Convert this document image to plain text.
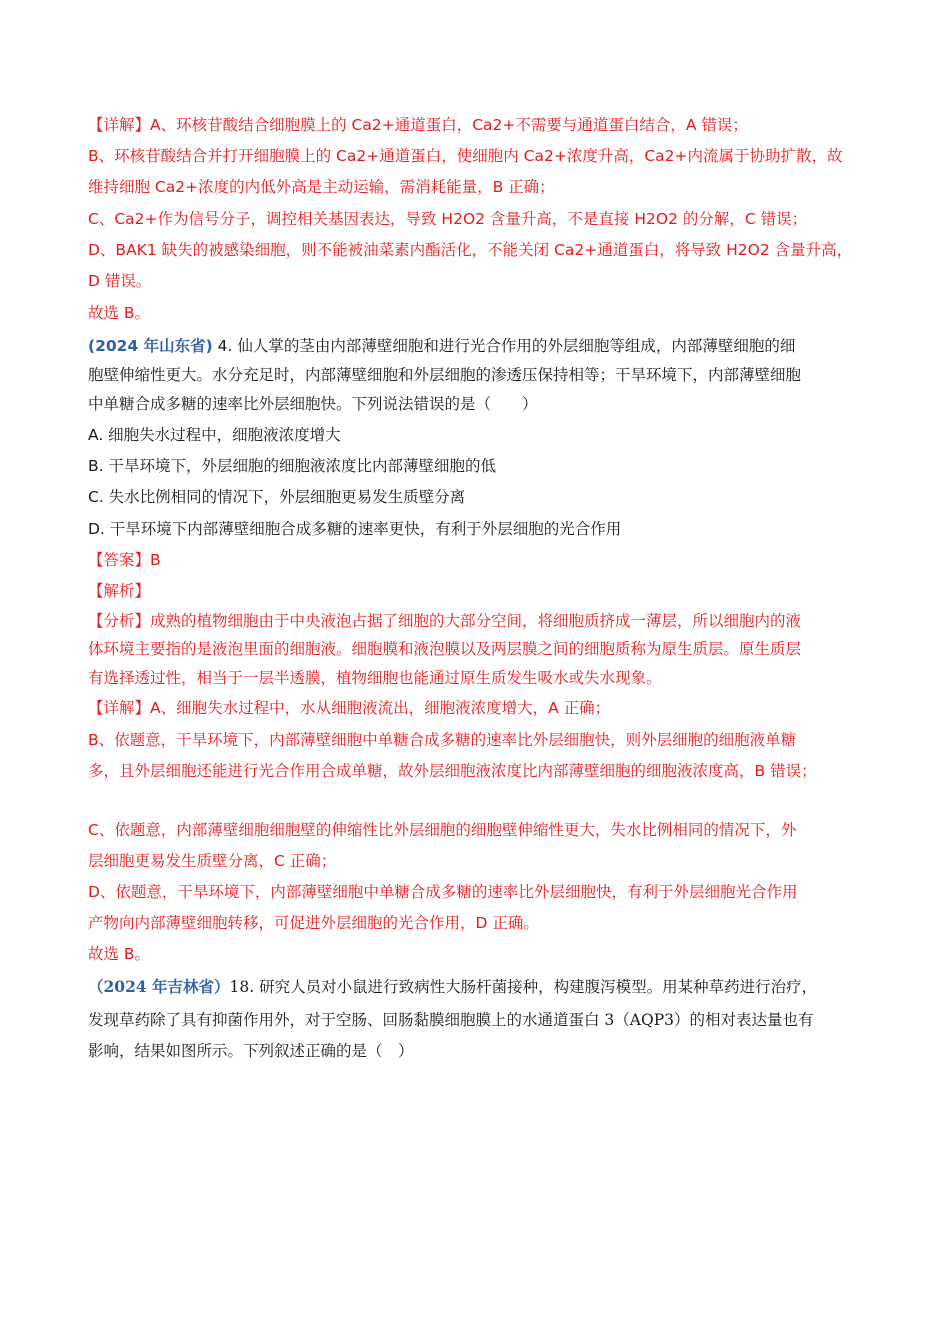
【详解】A、环核苷酸结合细胞膜上的 Ca2+通道蛋白，Ca2+不需要与通道蛋白结合，A 错误；
B、环核苷酸结合并打开细胞膜上的 Ca2+通道蛋白，使细胞内 Ca2+浓度升高，Ca2+内流属于协助扩散，故
维持细胞 Ca2+浓度的内低外高是主动运输，需消耗能量，B 正确；
C、Ca2+作为信号分子，调控相关基因表达，导致 H2O2 含量升高，不是直接 H2O2 的分解，C 错误；
D、BAK1 缺失的被感染细胞，则不能被油菜素内酯活化，不能关闭 Ca2+通道蛋白，将导致 H2O2 含量升高，
D 错误。
故选 B。
(2024 年山东省) 4. 仙人掌的茎由内部薄壁细胞和进行光合作用的外层细胞等组成，内部薄壁细胞的细
胞壁伸缩性更大。水分充足时，内部薄壁细胞和外层细胞的渗透压保持相等；干旱环境下，内部薄壁细胞
中单糖合成多糖的速率比外层细胞快。下列说法错误的是（　　）
A. 细胞失水过程中，细胞液浓度增大
B. 干旱环境下，外层细胞的细胞液浓度比内部薄壁细胞的低
C. 失水比例相同的情况下，外层细胞更易发生质壁分离
D. 干旱环境下内部薄壁细胞合成多糖的速率更快，有利于外层细胞的光合作用
【答案】B
【解析】
【分析】成熟的植物细胞由于中央液泡占据了细胞的大部分空间，将细胞质挤成一薄层，所以细胞内的液
体环境主要指的是液泡里面的细胞液。细胞膜和液泡膜以及两层膜之间的细胞质称为原生质层。原生质层
有选择透过性，相当于一层半透膜，植物细胞也能通过原生质发生吸水或失水现象。
【详解】A、细胞失水过程中，水从细胞液流出，细胞液浓度增大，A 正确；
B、依题意，干旱环境下，内部薄壁细胞中单糖合成多糖的速率比外层细胞快，则外层细胞的细胞液单糖
多，且外层细胞还能进行光合作用合成单糖，故外层细胞液浓度比内部薄壁细胞的细胞液浓度高，B 错误；
C、依题意，内部薄壁细胞细胞壁的伸缩性比外层细胞的细胞壁伸缩性更大，失水比例相同的情况下，外
层细胞更易发生质壁分离，C 正确；
D、依题意，干旱环境下，内部薄壁细胞中单糖合成多糖的速率比外层细胞快，有利于外层细胞光合作用
产物向内部薄壁细胞转移，可促进外层细胞的光合作用，D 正确。
故选 B。
（2024 年吉林省）18. 研究人员对小鼠进行致病性大肠杆菌接种，构建腹泻模型。用某种草药进行治疗，
发现草药除了具有抑菌作用外，对于空肠、回肠黏膜细胞膜上的水通道蛋白 3（AQP3）的相对表达量也有
影响，结果如图所示。下列叙述正确的是（　）
